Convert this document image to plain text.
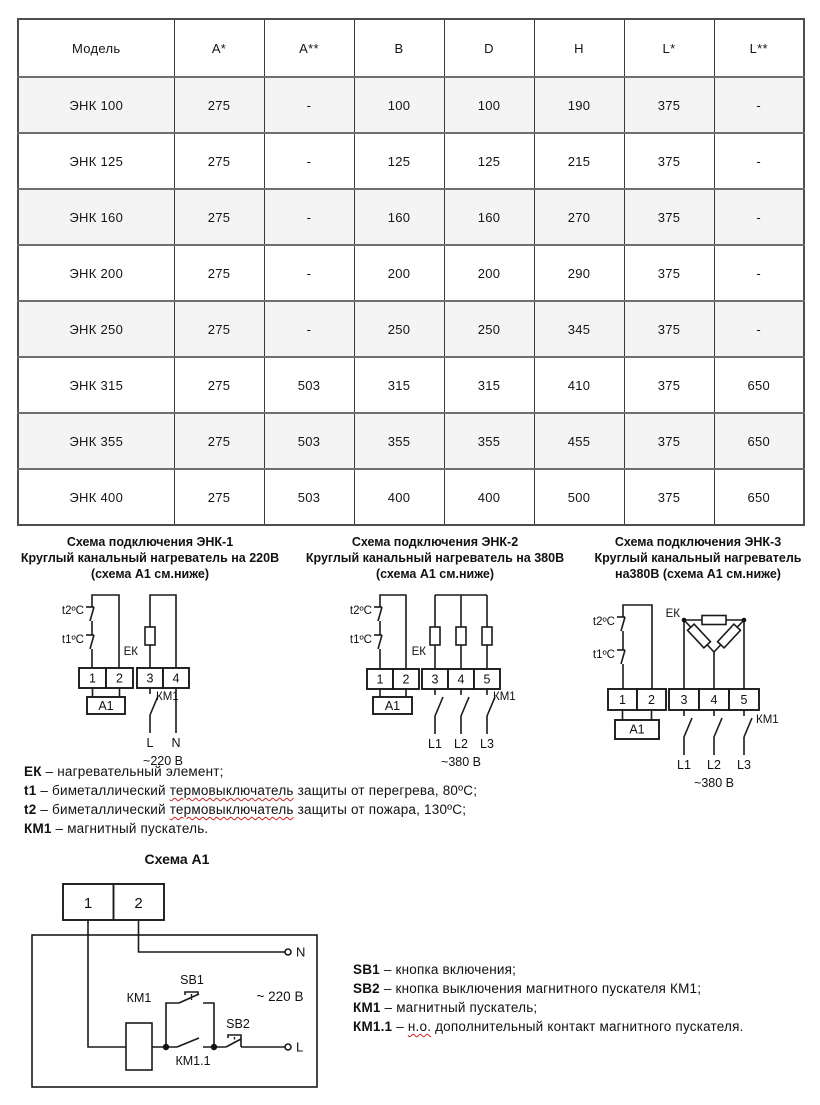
Модель	A*	A**	B	D	H	L*	L**
ЭНК 100	275	-	100	100	190	375	-
ЭНК 125	275	-	125	125	215	375	-
ЭНК 160	275	-	160	160	270	375	-
ЭНК 200	275	-	200	200	290	375	-
ЭНК 250	275	-	250	250	345	375	-
ЭНК 315	275	503	315	315	410	375	650
ЭНК 355	275	503	355	355	455	375	650
ЭНК 400	275	503	400	400	500	375	650
Схема подключения ЭНК-1
Круглый канальный нагреватель на 220В
(схема А1 см.ниже)
t2ºC
t1ºC
ЕК
1 2 3 4
А1
КМ1
L N
~220 В
Схема подключения ЭНК-2
Круглый канальный нагреватель на 380В
(схема А1 см.ниже)
t2ºC
t1ºC
ЕК
1 2 3 4 5
А1
КМ1
L1 L2 L3
~380 В
Схема подключения ЭНК-3
Круглый канальный нагреватель
на380В (схема А1 см.ниже)
t2ºC
t1ºC
ЕК
1 2 3 4 5
А1
КМ1
L1 L2 L3
~380 В
ЕК – нагревательный элемент;
t1 – биметаллический термовыключатель защиты от перегрева, 80ºС;
t2 – биметаллический термовыключатель защиты от пожара, 130ºС;
КМ1 – магнитный пускатель.
Схема А1
1	2
КМ1
SB1
SB2
КМ1.1
N
L
~ 220 В
SB1 – кнопка включения;
SB2 – кнопка выключения магнитного пускателя КМ1;
КМ1 – магнитный пускатель;
КМ1.1 – н.о. дополнительный контакт магнитного пускателя.
